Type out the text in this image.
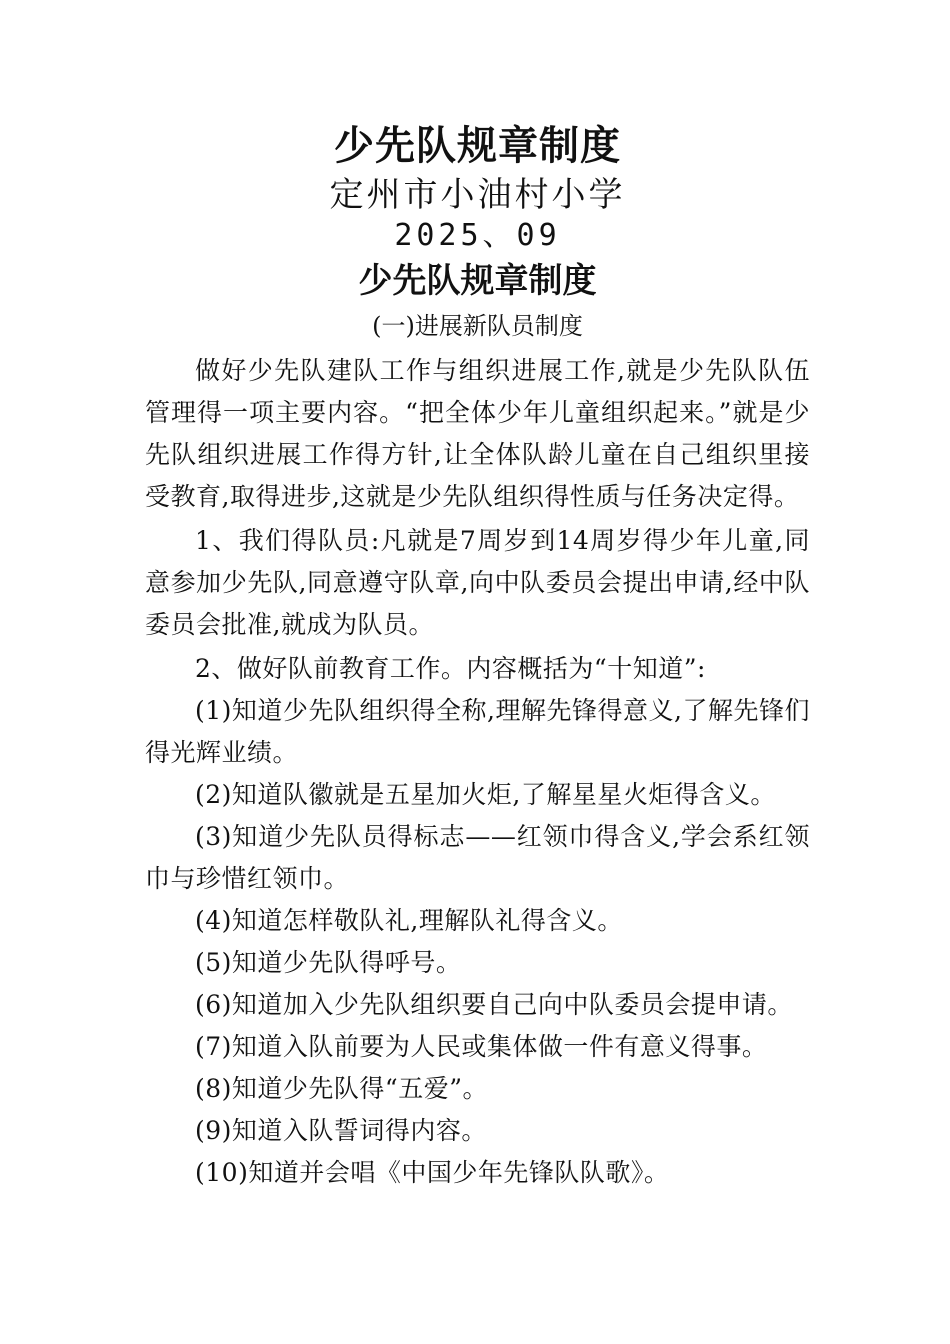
少先队规章制度
定州市小油村小学
2025、09
少先队规章制度
(一)进展新队员制度

做好少先队建队工作与组织进展工作,就是少先队队伍管理得一项主要内容。“把全体少年儿童组织起来。”就是少先队组织进展工作得方针,让全体队龄儿童在自己组织里接受教育,取得进步,这就是少先队组织得性质与任务决定得。

1、我们得队员:凡就是7周岁到14周岁得少年儿童,同意参加少先队,同意遵守队章,向中队委员会提出申请,经中队委员会批准,就成为队员。

2、做好队前教育工作。内容概括为“十知道”:

(1)知道少先队组织得全称,理解先锋得意义,了解先锋们得光辉业绩。

(2)知道队徽就是五星加火炬,了解星星火炬得含义。

(3)知道少先队员得标志——红领巾得含义,学会系红领巾与珍惜红领巾。

(4)知道怎样敬队礼,理解队礼得含义。

(5)知道少先队得呼号。

(6)知道加入少先队组织要自己向中队委员会提申请。

(7)知道入队前要为人民或集体做一件有意义得事。

(8)知道少先队得“五爱”。

(9)知道入队誓词得内容。

(10)知道并会唱《中国少年先锋队队歌》。
